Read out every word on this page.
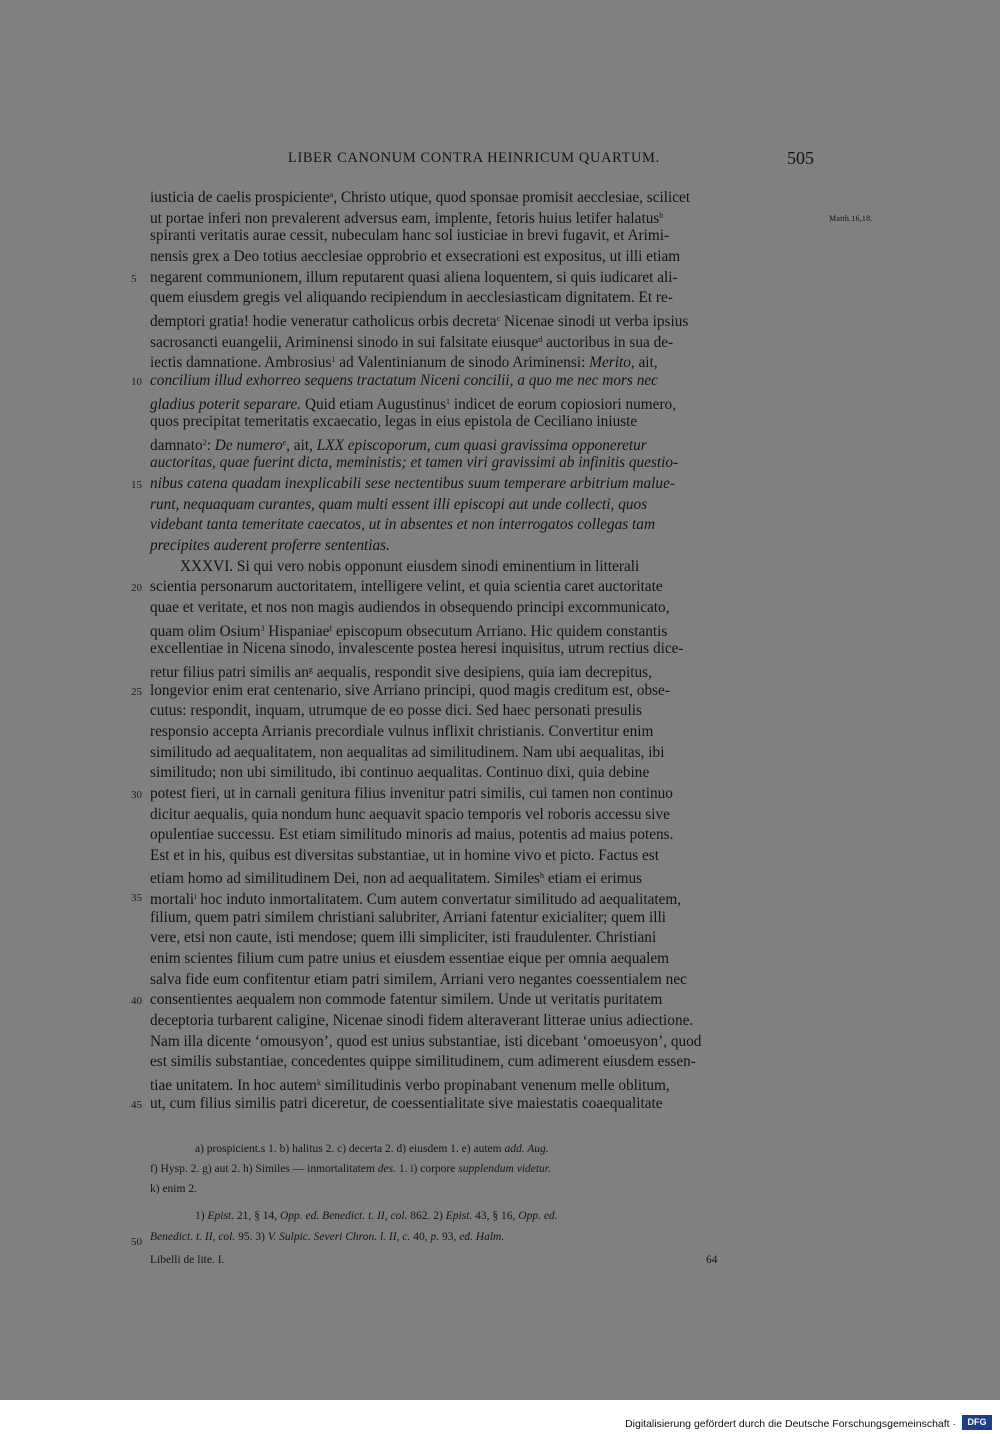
LIBER CANONUM CONTRA HEINRICUM QUARTUM.	505
Matth.16,18.
iusticia de caelis prospiciente$^a$, Christo utique, quod sponsae promisit aecclesiae, scilicet
ut portae inferi non prevalerent adversus eam, implente, fetoris huius letifer halatus$^b$
spiranti veritatis aurae cessit, nubeculam hanc sol iusticiae in brevi fugavit, et Arimi-
nensis grex a Deo totius aecclesiae opprobrio et exsecrationi est expositus, ut illi etiam
negarent communionem, illum reputarent quasi aliena loquentem, si quis iudicaret ali-
5
quem eiusdem gregis vel aliquando recipiendum in aecclesiasticam dignitatem. Et re-
demptori gratia! hodie veneratur catholicus orbis decreta$^c$ Nicenae sinodi ut verba ipsius
sacrosancti euangelii, Ariminensi sinodo in sui falsitate eiusque$^d$ auctoribus in sua de-
iectis damnatione. Ambrosius$^1$ ad Valentinianum de sinodo Ariminensi: Merito, ait,
concilium illud exhorreo sequens tractatum Niceni concilii, a quo me nec mors nec
10
gladius poterit separare. Quid etiam Augustinus$^1$ indicet de eorum copiosiori numero,
quos precipitat temeritatis excaecatio, legas in eius epistola de Ceciliano iniuste
damnato$^2$: De numero$^e$, ait, LXX episcoporum, cum quasi gravissima opponeretur
auctoritas, quae fuerint dicta, meministis; et tamen viri gravissimi ab infinitis questio-
nibus catena quadam inexplicabili sese nectentibus suum temperare arbitrium malue-
15
runt, nequaquam curantes, quam multi essent illi episcopi aut unde collecti, quos
videbant tanta temeritate caecatos, ut in absentes et non interrogatos collegas tam
precipites auderent proferre sententias.
XXXVI. Si qui vero nobis opponunt eiusdem sinodi eminentium in litterali
scientia personarum auctoritatem, intelligere velint, et quia scientia caret auctoritate
20
quae et veritate, et nos non magis audiendos in obsequendo principi excommunicato,
quam olim Osium$^3$ Hispaniae$^f$ episcopum obsecutum Arriano. Hic quidem constantis
excellentiae in Nicena sinodo, invalescente postea heresi inquisitus, utrum rectius dice-
retur filius patri similis $an^g$ aequalis, respondit sive desipiens, quia iam decrepitus,
longevior enim erat centenario, sive Arriano principi, quod magis creditum est, obse-
25
cutus: respondit, inquam, utrumque de eo posse dici. Sed haec personati presulis
responsio accepta Arrianis precordiale vulnus inflixit christianis. Convertitur enim
similitudo ad aequalitatem, non aequalitas ad similitudinem. Nam ubi aequalitas, ibi
similitudo; non ubi similitudo, ibi continuo aequalitas. Continuo dixi, quia debine
potest fieri, ut in carnali genitura filius invenitur patri similis, cui tamen non continuo
30
dicitur aequalis, quia nondum hunc aequavit spacio temporis vel roboris accessu sive
opulentiae successu. Est etiam similitudo minoris ad maius, potentis ad maius potens.
Est et in his, quibus est diversitas substantiae, ut in homine vivo et picto. Factus est
etiam homo ad similitudinem Dei, non ad aequalitatem. Similes$^h$ etiam ei erimus
mortali$^i$ hoc induto inmortalitatem. Cum autem convertatur similitudo ad aequalitatem,
35
filium, quem patri similem christiani salubriter, Arriani fatentur exicialiter; quem illi
vere, etsi non caute, isti mendose; quem illi simpliciter, isti fraudulenter. Christiani
enim scientes filium cum patre unius et eiusdem essentiae eique per omnia aequalem
salva fide eum confitentur etiam patri similem, Arriani vero negantes coessentialem nec
consentientes aequalem non commode fatentur similem. Unde ut veritatis puritatem
40
deceptoria turbarent caligine, Nicenae sinodi fidem alteraverant litterae unius adiectione.
Nam illa dicente ‘omousyon’, quod est unius substantiae, isti dicebant ‘omoeusyon’, quod
est similis substantiae, concedentes quippe similitudinem, cum adimerent eiusdem essen-
tiae unitatem. In hoc autem$^k$ similitudinis verbo propinabant venenum melle oblitum,
ut, cum filius similis patri diceretur, de coessentialitate sive maiestatis coaequalitate
45
a) prospicient.s 1. b) halitus 2. c) decerta 2. d) eiusdem 1. e) autem add. Aug.
f) Hysp. 2. g) aut 2. h) Similes — inmortalitatem des. 1. i) corpore supplendum videtur.
k) enim 2.
1) Epist. 21, § 14, Opp. ed. Benedict. t. II, col. 862. 2) Epist. 43, § 16, Opp. ed.
Benedict. t. II, col. 95. 3) V. Sulpic. Severi Chron. l. II, c. 40, p. 93, ed. Halm.
50
Libelli de lite. I.	64
Digitalisierung gefördert durch die Deutsche Forschungsgemeinschaft ·	DFG
